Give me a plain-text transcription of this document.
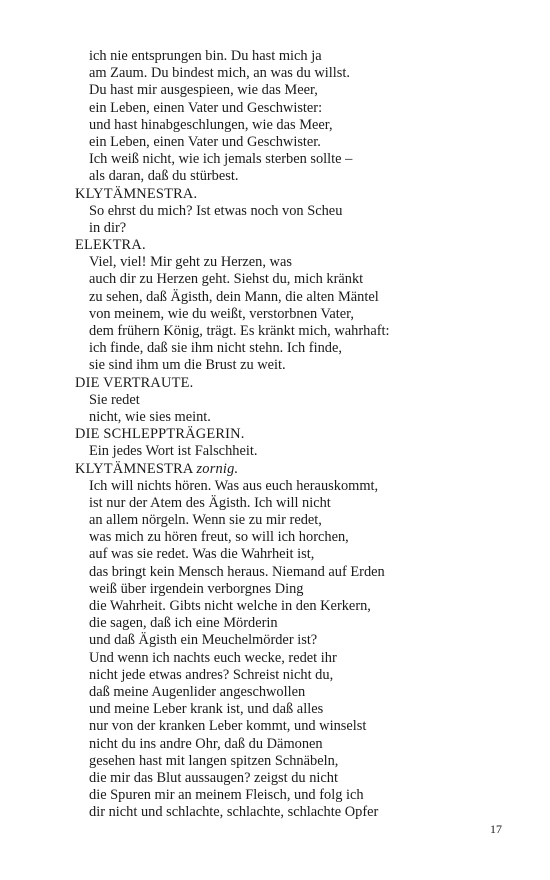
ich nie entsprungen bin. Du hast mich ja
am Zaum. Du bindest mich, an was du willst.
Du hast mir ausgespieen, wie das Meer,
ein Leben, einen Vater und Geschwister:
und hast hinabgeschlungen, wie das Meer,
ein Leben, einen Vater und Geschwister.
Ich weiß nicht, wie ich jemals sterben sollte –
als daran, daß du stürbest.
KLYTÄMNESTRA.
So ehrst du mich? Ist etwas noch von Scheu
in dir?
ELEKTRA.
Viel, viel! Mir geht zu Herzen, was
auch dir zu Herzen geht. Siehst du, mich kränkt
zu sehen, daß Ägisth, dein Mann, die alten Mäntel
von meinem, wie du weißt, verstorbnen Vater,
dem frühern König, trägt. Es kränkt mich, wahrhaft:
ich finde, daß sie ihm nicht stehn. Ich finde,
sie sind ihm um die Brust zu weit.
DIE VERTRAUTE.
Sie redet
nicht, wie sies meint.
DIE SCHLEPPTRÄGERIN.
Ein jedes Wort ist Falschheit.
KLYTÄMNESTRA zornig.
Ich will nichts hören. Was aus euch herauskommt,
ist nur der Atem des Ägisth. Ich will nicht
an allem nörgeln. Wenn sie zu mir redet,
was mich zu hören freut, so will ich horchen,
auf was sie redet. Was die Wahrheit ist,
das bringt kein Mensch heraus. Niemand auf Erden
weiß über irgendein verborgnes Ding
die Wahrheit. Gibts nicht welche in den Kerkern,
die sagen, daß ich eine Mörderin
und daß Ägisth ein Meuchelmörder ist?
Und wenn ich nachts euch wecke, redet ihr
nicht jede etwas andres? Schreist nicht du,
daß meine Augenlider angeschwollen
und meine Leber krank ist, und daß alles
nur von der kranken Leber kommt, und winselst
nicht du ins andre Ohr, daß du Dämonen
gesehen hast mit langen spitzen Schnäbeln,
die mir das Blut aussaugen? zeigst du nicht
die Spuren mir an meinem Fleisch, und folg ich
dir nicht und schlachte, schlachte, schlachte Opfer
17
